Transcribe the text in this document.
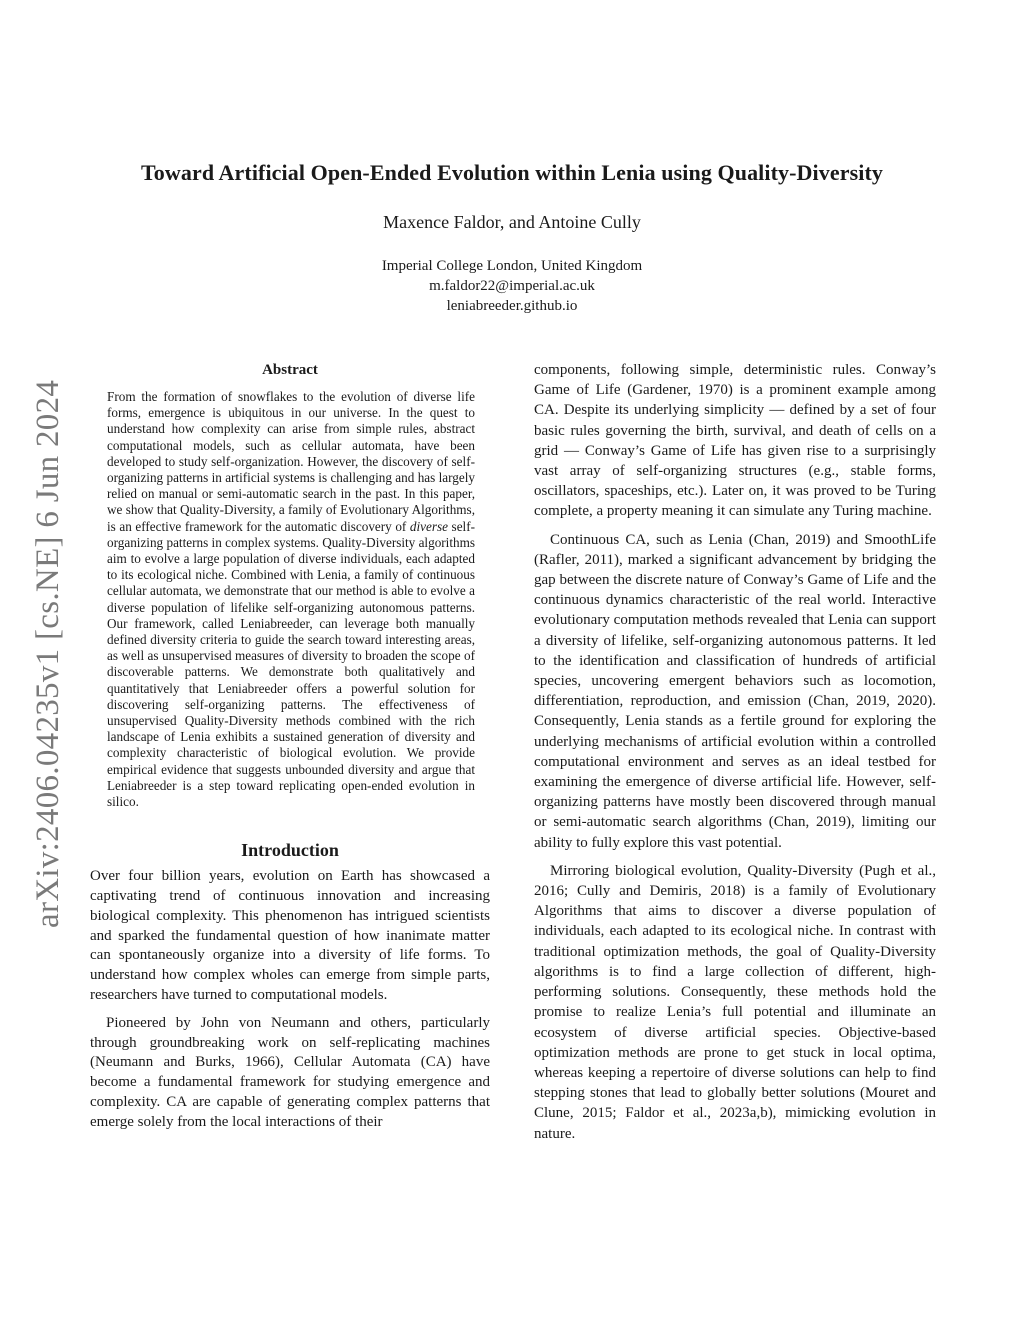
Toward Artificial Open-Ended Evolution within Lenia using Quality-Diversity
Maxence Faldor, and Antoine Cully
Imperial College London, United Kingdom
m.faldor22@imperial.ac.uk
leniabreeder.github.io
arXiv:2406.04235v1 [cs.NE] 6 Jun 2024
Abstract
From the formation of snowflakes to the evolution of diverse life forms, emergence is ubiquitous in our universe. In the quest to understand how complexity can arise from simple rules, abstract computational models, such as cellular automata, have been developed to study self-organization. However, the discovery of self-organizing patterns in artificial systems is challenging and has largely relied on manual or semi-automatic search in the past. In this paper, we show that Quality-Diversity, a family of Evolutionary Algorithms, is an effective framework for the automatic discovery of diverse self-organizing patterns in complex systems. Quality-Diversity algorithms aim to evolve a large population of diverse individuals, each adapted to its ecological niche. Combined with Lenia, a family of continuous cellular automata, we demonstrate that our method is able to evolve a diverse population of lifelike self-organizing autonomous patterns. Our framework, called Leniabreeder, can leverage both manually defined diversity criteria to guide the search toward interesting areas, as well as unsupervised measures of diversity to broaden the scope of discoverable patterns. We demonstrate both qualitatively and quantitatively that Leniabreeder offers a powerful solution for discovering self-organizing patterns. The effectiveness of unsupervised Quality-Diversity methods combined with the rich landscape of Lenia exhibits a sustained generation of diversity and complexity characteristic of biological evolution. We provide empirical evidence that suggests unbounded diversity and argue that Leniabreeder is a step toward replicating open-ended evolution in silico.
Introduction

Over four billion years, evolution on Earth has showcased a captivating trend of continuous innovation and increasing biological complexity. This phenomenon has intrigued scientists and sparked the fundamental question of how inanimate matter can spontaneously organize into a diversity of life forms. To understand how complex wholes can emerge from simple parts, researchers have turned to computational models.

Pioneered by John von Neumann and others, particularly through groundbreaking work on self-replicating machines (Neumann and Burks, 1966), Cellular Automata (CA) have become a fundamental framework for studying emergence and complexity. CA are capable of generating complex patterns that emerge solely from the local interactions of their

components, following simple, deterministic rules. Conway’s Game of Life (Gardener, 1970) is a prominent example among CA. Despite its underlying simplicity — defined by a set of four basic rules governing the birth, survival, and death of cells on a grid — Conway’s Game of Life has given rise to a surprisingly vast array of self-organizing structures (e.g., stable forms, oscillators, spaceships, etc.). Later on, it was proved to be Turing complete, a property meaning it can simulate any Turing machine.

Continuous CA, such as Lenia (Chan, 2019) and SmoothLife (Rafler, 2011), marked a significant advancement by bridging the gap between the discrete nature of Conway’s Game of Life and the continuous dynamics characteristic of the real world. Interactive evolutionary computation methods revealed that Lenia can support a diversity of lifelike, self-organizing autonomous patterns. It led to the identification and classification of hundreds of artificial species, uncovering emergent behaviors such as locomotion, differentiation, reproduction, and emission (Chan, 2019, 2020). Consequently, Lenia stands as a fertile ground for exploring the underlying mechanisms of artificial evolution within a controlled computational environment and serves as an ideal testbed for examining the emergence of diverse artificial life. However, self-organizing patterns have mostly been discovered through manual or semi-automatic search algorithms (Chan, 2019), limiting our ability to fully explore this vast potential.

Mirroring biological evolution, Quality-Diversity (Pugh et al., 2016; Cully and Demiris, 2018) is a family of Evolutionary Algorithms that aims to discover a diverse population of individuals, each adapted to its ecological niche. In contrast with traditional optimization methods, the goal of Quality-Diversity algorithms is to find a large collection of different, high-performing solutions. Consequently, these methods hold the promise to realize Lenia’s full potential and illuminate an ecosystem of diverse artificial species. Objective-based optimization methods are prone to get stuck in local optima, whereas keeping a repertoire of diverse solutions can help to find stepping stones that lead to globally better solutions (Mouret and Clune, 2015; Faldor et al., 2023a,b), mimicking evolution in nature.
